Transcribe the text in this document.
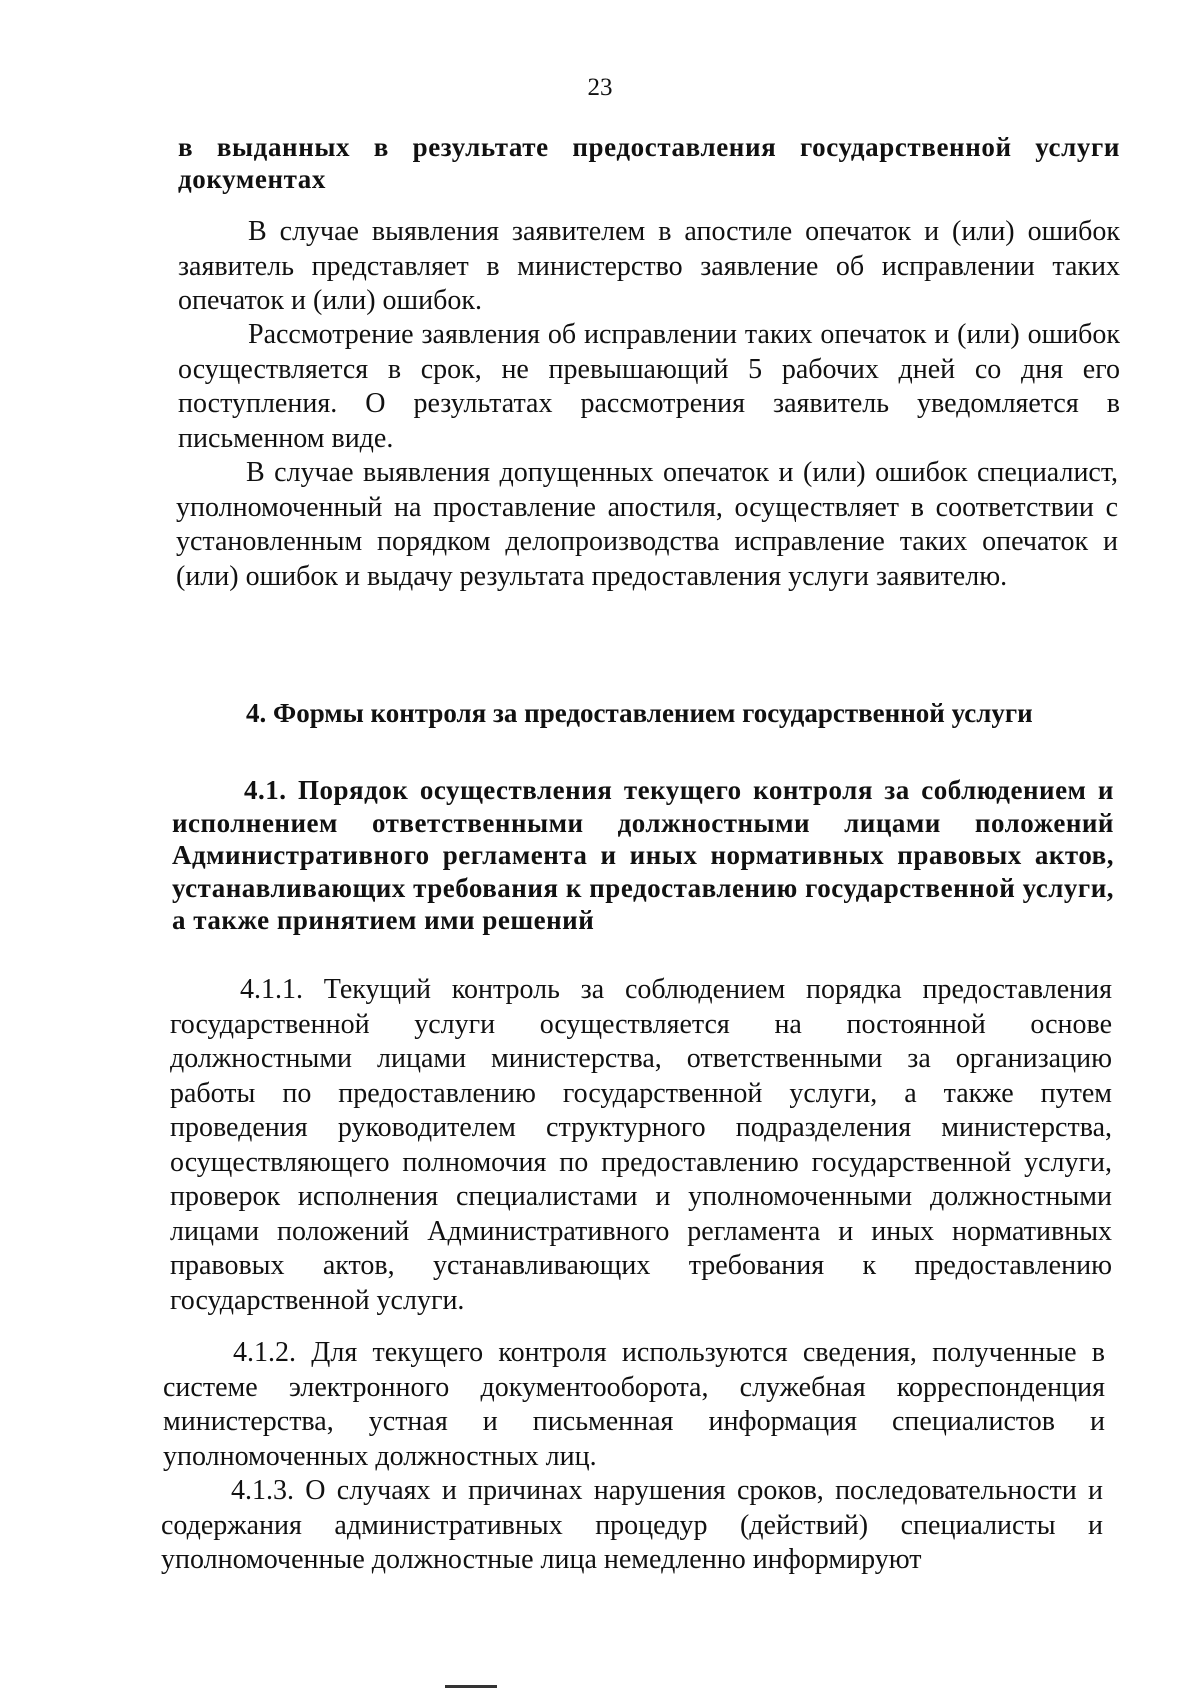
23
в выданных в результате предоставления государственной услуги документах

В случае выявления заявителем в апостиле опечаток и (или) ошибок заявитель представляет в министерство заявление об исправлении таких опечаток и (или) ошибок.

Рассмотрение заявления об исправлении таких опечаток и (или) ошибок осуществляется в срок, не превышающий 5 рабочих дней со дня его поступления. О результатах рассмотрения заявитель уведомляется в письменном виде.

В случае выявления допущенных опечаток и (или) ошибок специалист, уполномоченный на проставление апостиля, осуществляет в соответствии с установленным порядком делопроизводства исправление таких опечаток и (или) ошибок и выдачу результата предоставления услуги заявителю.

4. Формы контроля за предоставлением государственной услуги
4.1. Порядок осуществления текущего контроля за соблюдением и исполнением ответственными должностными лицами положений Административного регламента и иных нормативных правовых актов, устанавливающих требования к предоставлению государственной услуги, а также принятием ими решений

4.1.1. Текущий контроль за соблюдением порядка предоставления государственной услуги осуществляется на постоянной основе должностными лицами министерства, ответственными за организацию работы по предоставлению государственной услуги, а также путем проведения руководителем структурного подразделения министерства, осуществляющего полномочия по предоставлению государственной услуги, проверок исполнения специалистами и уполномоченными должностными лицами положений Административного регламента и иных нормативных правовых актов, устанавливающих требования к предоставлению государственной услуги.

4.1.2. Для текущего контроля используются сведения, полученные в системе электронного документооборота, служебная корреспонденция министерства, устная и письменная информация специалистов и уполномоченных должностных лиц.

4.1.3. О случаях и причинах нарушения сроков, последовательности и содержания административных процедур (действий) специалисты и уполномоченные должностные лица немедленно информируют
